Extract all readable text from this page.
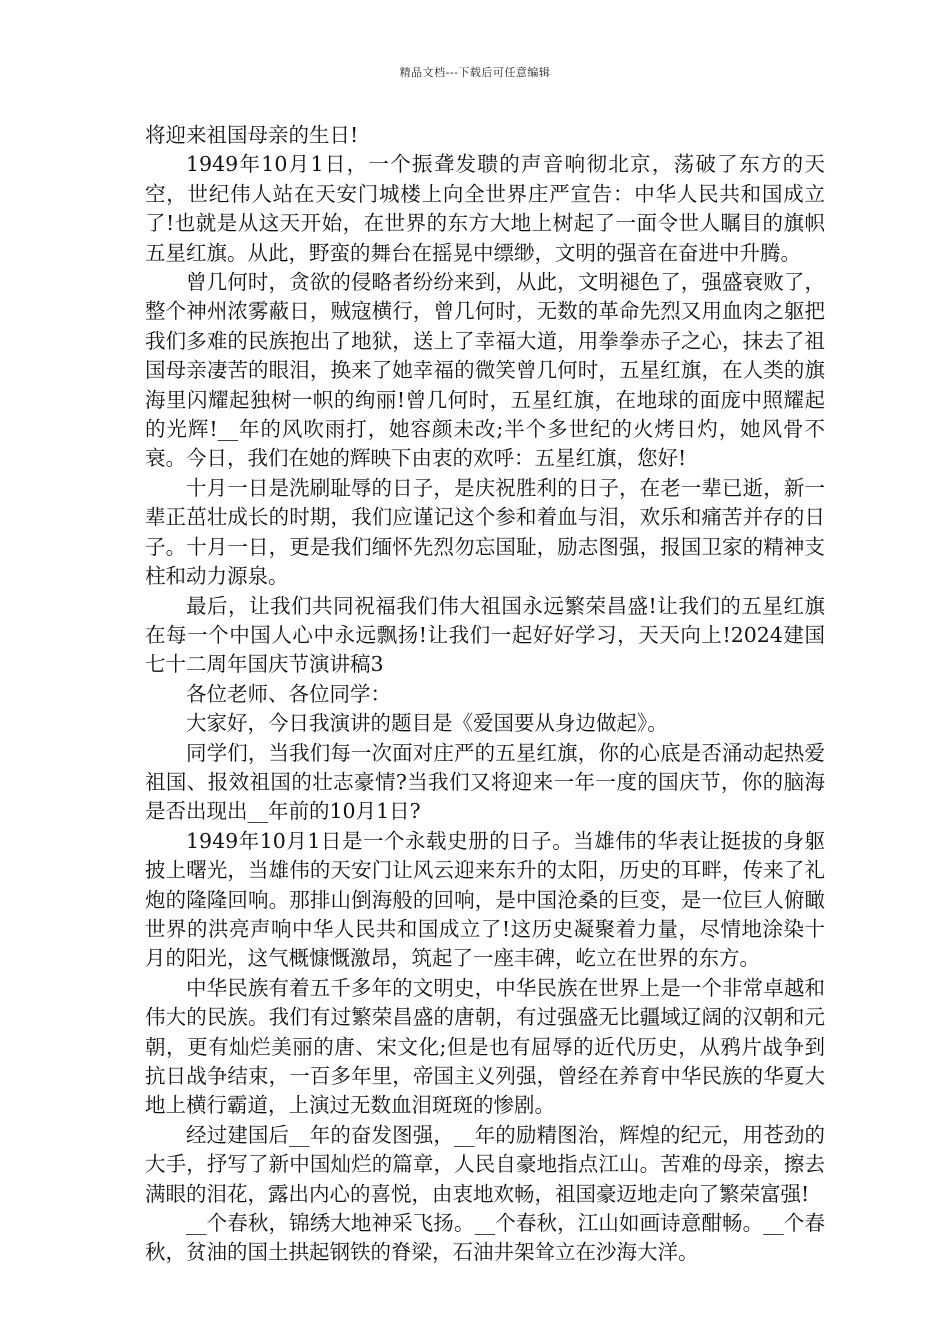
精品文档---下载后可任意编辑

将迎来祖国母亲的生日!

1949年10月1日，一个振聋发聩的声音响彻北京，荡破了东方的天空，世纪伟人站在天安门城楼上向全世界庄严宣告：中华人民共和国成立了!也就是从这天开始，在世界的东方大地上树起了一面令世人瞩目的旗帜五星红旗。从此，野蛮的舞台在摇晃中缥缈，文明的强音在奋进中升腾。

曾几何时，贪欲的侵略者纷纷来到，从此，文明褪色了，强盛衰败了，整个神州浓雾蔽日，贼寇横行，曾几何时，无数的革命先烈又用血肉之躯把我们多难的民族抱出了地狱，送上了幸福大道，用拳拳赤子之心，抹去了祖国母亲凄苦的眼泪，换来了她幸福的微笑曾几何时，五星红旗，在人类的旗海里闪耀起独树一帜的绚丽!曾几何时，五星红旗，在地球的面庞中照耀起的光辉!__年的风吹雨打，她容颜未改;半个多世纪的火烤日灼，她风骨不衰。今日，我们在她的辉映下由衷的欢呼：五星红旗，您好!

十月一日是洗刷耻辱的日子，是庆祝胜利的日子，在老一辈已逝，新一辈正茁壮成长的时期，我们应谨记这个参和着血与泪，欢乐和痛苦并存的日子。十月一日，更是我们缅怀先烈勿忘国耻，励志图强，报国卫家的精神支柱和动力源泉。

最后，让我们共同祝福我们伟大祖国永远繁荣昌盛!让我们的五星红旗在每一个中国人心中永远飘扬!让我们一起好好学习，天天向上!2024建国七十二周年国庆节演讲稿3

各位老师、各位同学：

大家好，今日我演讲的题目是《爱国要从身边做起》。

同学们，当我们每一次面对庄严的五星红旗，你的心底是否涌动起热爱祖国、报效祖国的壮志豪情?当我们又将迎来一年一度的国庆节，你的脑海是否出现出__年前的10月1日?

1949年10月1日是一个永载史册的日子。当雄伟的华表让挺拔的身躯披上曙光，当雄伟的天安门让风云迎来东升的太阳，历史的耳畔，传来了礼炮的隆隆回响。那排山倒海般的回响，是中国沧桑的巨变，是一位巨人俯瞰世界的洪亮声响中华人民共和国成立了!这历史凝聚着力量，尽情地涂染十月的阳光，这气概慷慨激昂，筑起了一座丰碑，屹立在世界的东方。

中华民族有着五千多年的文明史，中华民族在世界上是一个非常卓越和伟大的民族。我们有过繁荣昌盛的唐朝，有过强盛无比疆域辽阔的汉朝和元朝，更有灿烂美丽的唐、宋文化;但是也有屈辱的近代历史，从鸦片战争到抗日战争结束，一百多年里，帝国主义列强，曾经在养育中华民族的华夏大地上横行霸道，上演过无数血泪斑斑的惨剧。

经过建国后__年的奋发图强，__年的励精图治，辉煌的纪元，用苍劲的大手，抒写了新中国灿烂的篇章，人民自豪地指点江山。苦难的母亲，擦去满眼的泪花，露出内心的喜悦，由衷地欢畅，祖国豪迈地走向了繁荣富强!

__个春秋，锦绣大地神采飞扬。__个春秋，江山如画诗意酣畅。__个春秋，贫油的国土拱起钢铁的脊梁，石油井架耸立在沙海大洋。
